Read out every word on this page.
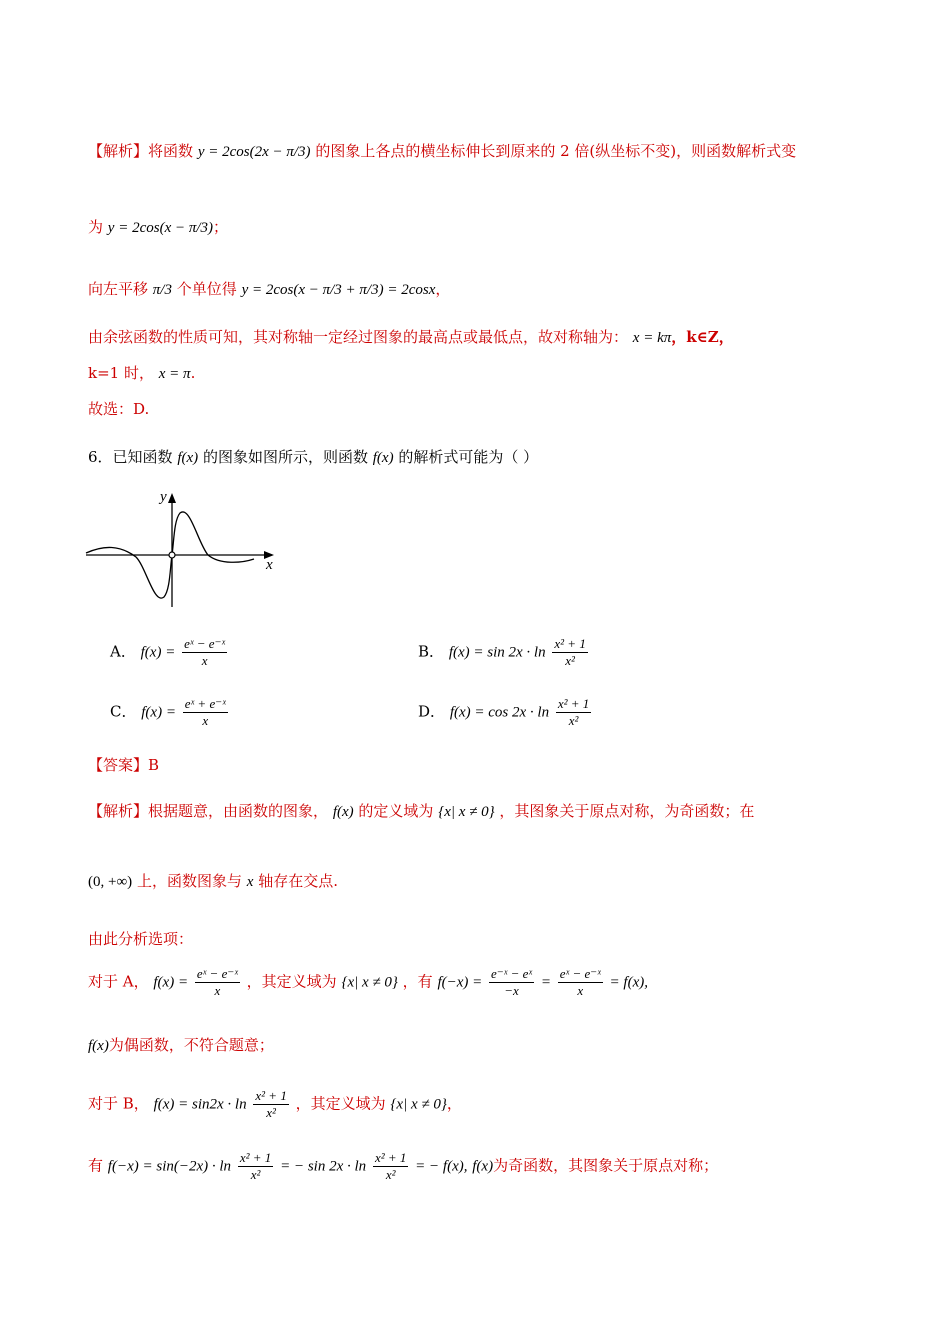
【解析】将函数 y = 2cos(2x − π/3) 的图象上各点的横坐标伸长到原来的 2 倍(纵坐标不变)，则函数解析式变
为 y = 2cos(x − π/3)；
向左平移 π/3 个单位得 y = 2cos(x − π/3 + π/3) = 2cosx，
由余弦函数的性质可知，其对称轴一定经过图象的最高点或最低点，故对称轴为： x = kπ，k∈Z，
k=1 时， x = π.
故选：D.
6．已知函数 f(x) 的图象如图所示，则函数 f(x) 的解析式可能为（ ）
x
y
A． $f(x) = \frac{\text{eˣ − e⁻ˣ}}{x}$	B． $f(x) = \sin 2x \cdot \ln \frac{\text{x² + 1}}{\text{x²}}$
C． $f(x) = \frac{\text{eˣ + e⁻ˣ}}{x}$	D． $f(x) = \cos 2x \cdot \ln \frac{\text{x² + 1}}{\text{x²}}$
【答案】B
【解析】根据题意，由函数的图象， f(x) 的定义域为 {x| x ≠ 0} ，其图象关于原点对称，为奇函数；在
(0, +∞) 上，函数图象与 x 轴存在交点.
由此分析选项：
对于 A， $f(x) = \frac{\text{eˣ − e⁻ˣ}}{x}$ ，其定义域为 {x| x ≠ 0} ，有 $f(-x) = \frac{\text{e⁻ˣ − eˣ}}{-x} = \frac{\text{eˣ − e⁻ˣ}}{x} = f(x)$,
f(x)为偶函数，不符合题意；
对于 B， $f(x) = \sin 2x \cdot \ln \frac{\text{x² + 1}}{\text{x²}}$ ，其定义域为 {x| x ≠ 0}，
有 $f(-x) = \sin(-2x) \cdot \ln \frac{\text{x² + 1}}{\text{x²}}$ = − $\sin 2x \cdot \ln \frac{\text{x² + 1}}{\text{x²}}$ = − f(x), f(x)为奇函数，其图象关于原点对称；
